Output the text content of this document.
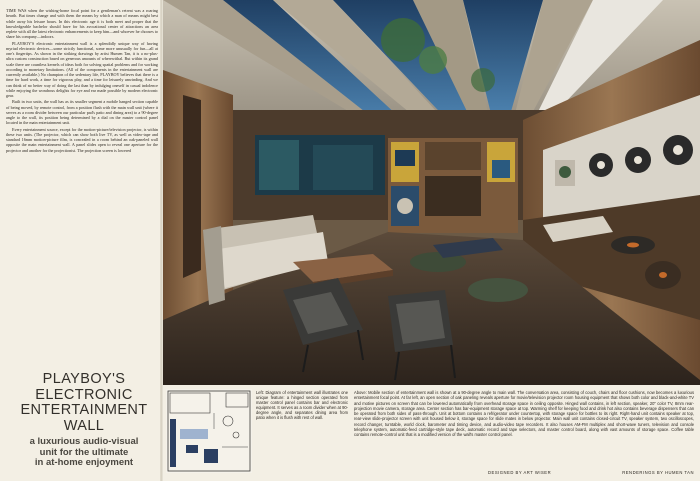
TIME WAS when the wishing-home focal point for a gentleman's retreat was a roaring hearth. But times change and with them the means by which a man of means might best while away his leisure hours. In this electronic age it is both meet and proper that the knowledgeable bachelor should have for his avocational center of attractions an area replete with all the latest electronic enhancements to keep him—and whoever he chooses to share his company—indoors.

PLAYBOY'S electronic entertainment wall is a splendidly unique way of having myriad electronic devices—some strictly functional, some more unusually for fun—all at one's fingertips. As shown in the striking drawings by artist Humen Tan, it is a no-plus-ultra custom construction based on generous amounts of wherewithal. But within its grand scale there are countless kernels of ideas both for solving spatial problems and for working according to monetary limitations. (All of the components in the entertainment wall are currently available.) No champion of the sedentary life, PLAYBOY believes that there is a time for hard work, a time for vigorous play, and a time for leisurely unwinding. And we can think of no better way of doing the last than by indulging oneself in casual indolence while enjoying the wondrous delights for eye and ear made possible by modern electronic gear.

Built in two units, the wall has as its smaller segment a mobile hanged section capable of being moved, by remote control, from a position flush with the main wall unit (where it serves as a room divider between our particular pad's patio and dining area) to a 90-degree angle to the wall, its position being determined by a dial on the master control panel located in the main entertainment unit.

Every entertainment source, except for the motion-picture/television projector, is within these two units. (The projector, which can show both live TV, as well as video-tape and standard 16mm motion-picture film, is concealed in a room behind an oak-paneled wall opposite the main entertainment wall. A panel slides open to reveal one aperture for the projector and another for the projectionist. The projection screen is lowered

PLAYBOY'S
ELECTRONIC
ENTERTAINMENT
WALL
a luxurious audio-visual
unit for the ultimate
in at-home enjoyment
Left: Diagram of entertainment wall illustrates one unique feature: a hinged section operated from master control panel contains bar and electronic equipment. It serves as a room divider when at 90-degree angle, and separates dining area from patio when it is flush with rest of wall.
Above: Mobile section of entertainment wall is shown at a 90-degree angle to main wall. The conversation area, consisting of couch, chairs and floor cushions, now becomes a luxurious entertainment focal point. At far left, an open section of oak paneling reveals aperture for movie/television projector room housing equipment that shows both color and black-and-white TV and motive pictures on screen that can be lowered automatically from overhead storage space in ceiling opposite. Hinged wall contains, in left section, speaker, 20" color TV, 8mm rear-projection movie camera, storage area. Center section has bar-equipment storage space at top. Warming shelf for keeping food and drink hot also contains beverage dispensers that can be operated from both sides of pass-through. Unit at bottom contains a refrigerator under countertop, with storage space for bottles to its right. Right-hand unit contains speaker at top, rear-view slide-projector screen with unit housed below it, storage space for slide mates in below projector. Main wall unit contains closed-circuit TV, speaker system, two oscilloscopes, record changer, turntable, world clock, barometer and timing device, and audio-video tape recorders. It also houses AM-FM multiplex and short-wave tuners, television and console telephone system, automatic-feed cartridge-style tape deck, automatic record and tape selectors, and master control board, along with vast amounts of storage space. Coffee table contains remote-control unit that is a modified version of the wall's master control panel.
DESIGNED BY ART WISER	RENDERINGS BY HUMEN TAN
